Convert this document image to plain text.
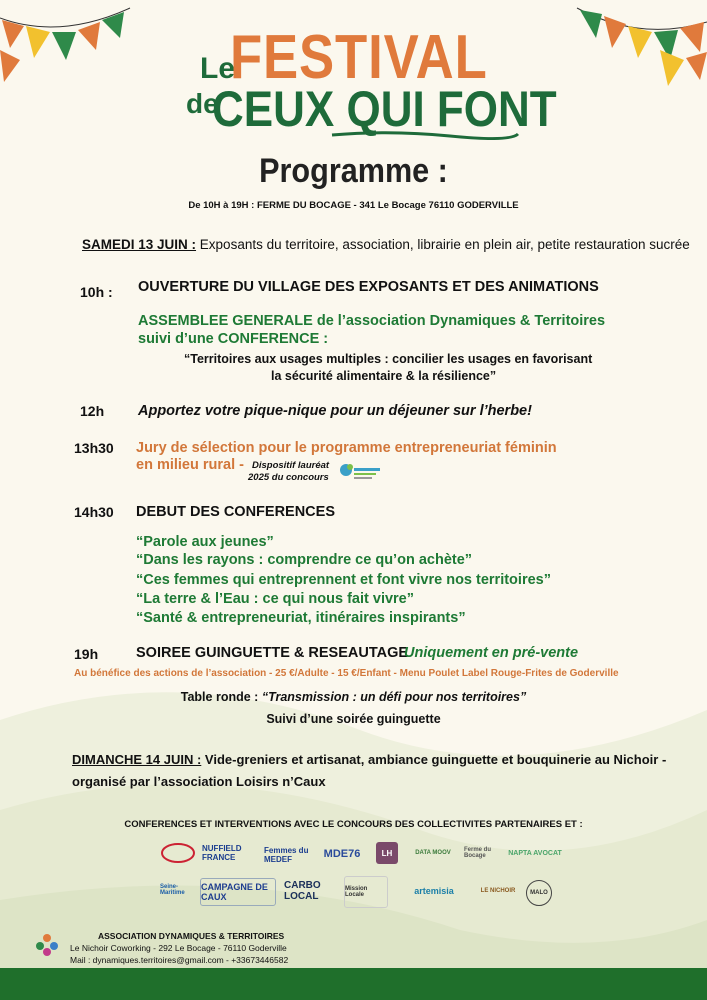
Le
FESTIVAL
de
CEUX QUI FONT
Programme :
De 10H à 19H : FERME DU BOCAGE - 341 Le Bocage 76110 GODERVILLE
SAMEDI 13 JUIN : Exposants du territoire, association, librairie en plein air, petite restauration sucrée
10h : OUVERTURE DU VILLAGE DES EXPOSANTS ET DES ANIMATIONS
ASSEMBLEE GENERALE de l’association Dynamiques & Territoires
suivi d’une CONFERENCE :
“Territoires aux usages multiples : concilier les usages en favorisant
la sécurité alimentaire & la résilience”
12h Apportez votre pique-nique pour un déjeuner sur l’herbe!
13h30 Jury de sélection pour le programme entrepreneuriat féminin
en milieu rural - Dispositif lauréat
2025 du concours
14h30 DEBUT DES CONFERENCES
“Parole aux jeunes”
“Dans les rayons : comprendre ce qu’on achète”
“Ces femmes qui entreprennent et font vivre nos territoires”
“La terre & l’Eau : ce qui nous fait vivre”
“Santé & entrepreneuriat, itinéraires inspirants”
19h	SOIREE GUINGUETTE & RESEAUTAGE
Uniquement en pré-vente
Au bénéfice des actions de l’association - 25 €/Adulte - 15 €/Enfant - Menu Poulet Label Rouge-Frites de Goderville
Table ronde : “Transmission : un défi pour nos territoires”
Suivi d’une soirée guinguette
DIMANCHE 14 JUIN : Vide-greniers et artisanat, ambiance guinguette et bouquinerie au Nichoir -
organisé par l’association Loisirs n’Caux
CONFERENCES ET INTERVENTIONS AVEC LE CONCOURS DES COLLECTIVITES PARTENAIRES ET :
NUFFIELD FRANCE
Femmes du MEDEF	MDE76	LH	DATA MOOV	Ferme du Bocage	NAPTA AVOCAT
Seine-Maritime
CAMPAGNE DE CAUX
CARBO LOCAL
Mission Locale	artemisia	LE NICHOIR	MALO
ASSOCIATION DYNAMIQUES & TERRITOIRES
Le Nichoir Coworking - 292 Le Bocage - 76110 Goderville
Mail : dynamiques.territoires@gmail.com - +33673446582
